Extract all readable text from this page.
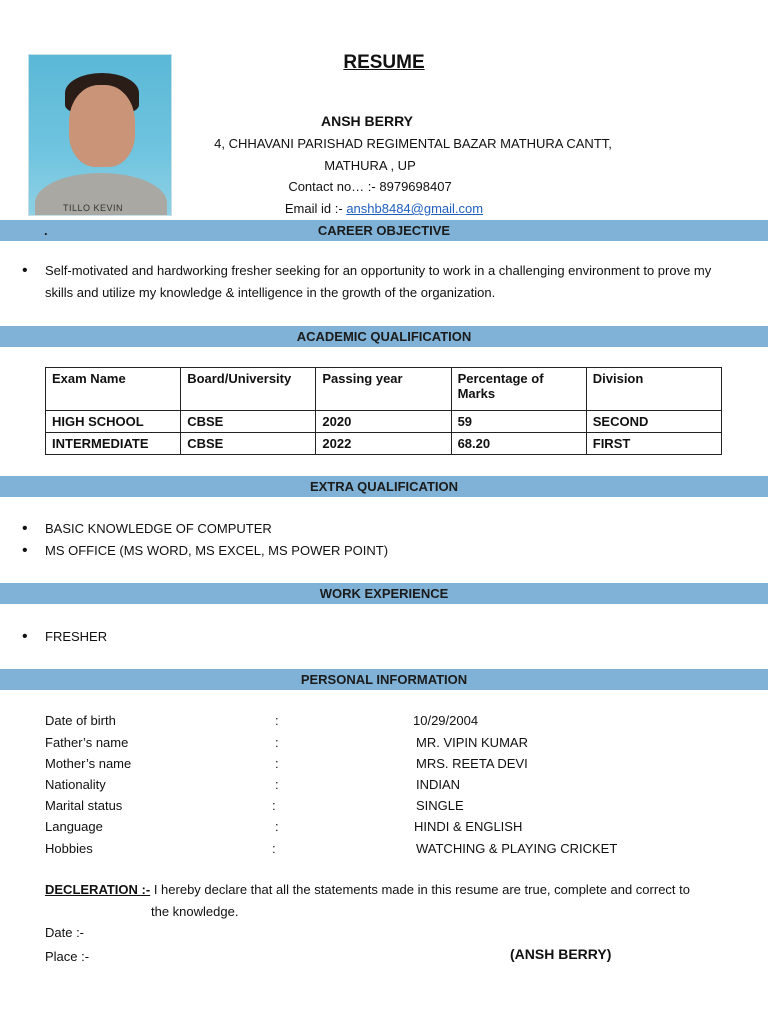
TILLO KEVIN
RESUME
ANSH BERRY
4, CHHAVANI PARISHAD REGIMENTAL BAZAR MATHURA CANTT,
MATHURA , UP
Contact no… :- 8979698407
Email id :- anshb8484@gmail.com
.	CAREER OBJECTIVE
• Self-motivated and hardworking fresher seeking for an opportunity to work in a challenging environment to prove my skills and utilize my knowledge & intelligence in the growth of the organization.
ACADEMIC QUALIFICATION
Exam Name	Board/University	Passing year	Percentage of Marks	Division
HIGH SCHOOL	CBSE	2020	59	SECOND
INTERMEDIATE	CBSE	2022	68.20	FIRST
EXTRA QUALIFICATION
• BASIC KNOWLEDGE OF COMPUTER
• MS OFFICE (MS WORD, MS EXCEL, MS POWER POINT)
WORK EXPERIENCE
• FRESHER
PERSONAL INFORMATION
Date of birth	:	10/29/2004
Father’s name	:	MR. VIPIN KUMAR
Mother’s name	:	MRS. REETA DEVI
Nationality	:	INDIAN
Marital status	:	SINGLE
Language	:	HINDI & ENGLISH
Hobbies	:	WATCHING & PLAYING CRICKET
DECLERATION :- I hereby declare that all the statements made in this resume are true, complete and correct to
the knowledge.
Date :-
Place :-	(ANSH BERRY)
